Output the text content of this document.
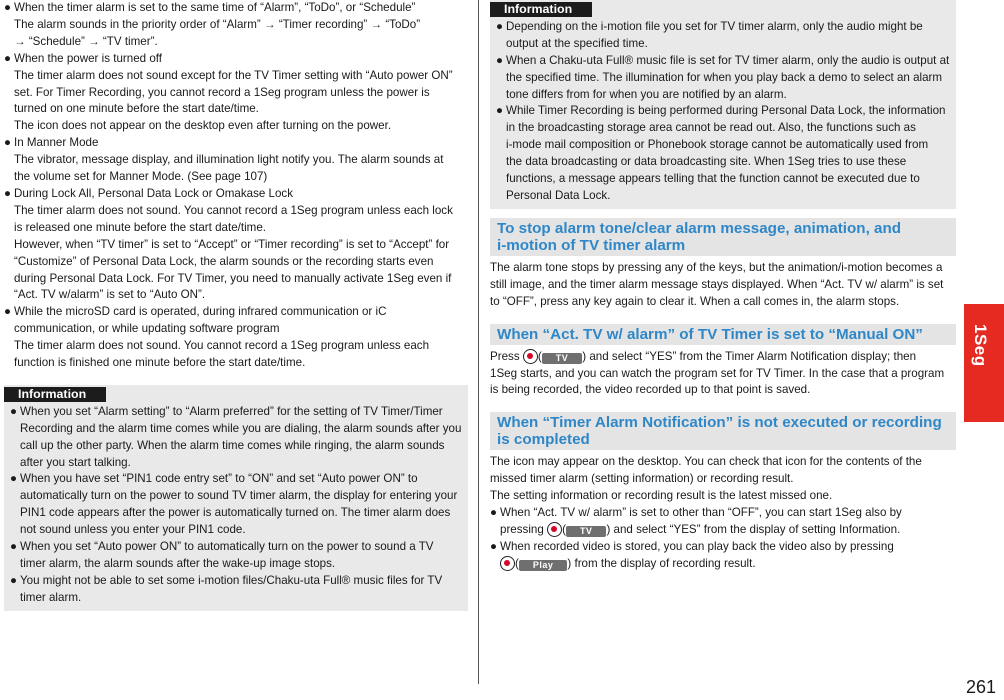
● When the timer alarm is set to the same time of “Alarm”, “ToDo”, or “Schedule”
The alarm sounds in the priority order of “Alarm” → “Timer recording” → “ToDo”
→ “Schedule” → “TV timer”.
● When the power is turned off
The timer alarm does not sound except for the TV Timer setting with “Auto power ON”
set. For Timer Recording, you cannot record a 1Seg program unless the power is
turned on one minute before the start date/time.
The icon does not appear on the desktop even after turning on the power.
● In Manner Mode
The vibrator, message display, and illumination light notify you. The alarm sounds at
the volume set for Manner Mode. (See page 107)
● During Lock All, Personal Data Lock or Omakase Lock
The timer alarm does not sound. You cannot record a 1Seg program unless each lock
is released one minute before the start date/time.
However, when “TV timer” is set to “Accept” or “Timer recording” is set to “Accept” for
“Customize” of Personal Data Lock, the alarm sounds or the recording starts even
during Personal Data Lock. For TV Timer, you need to manually activate 1Seg even if
“Act. TV w/alarm” is set to “Auto ON”.
● While the microSD card is operated, during infrared communication or iC
communication, or while updating software program
The timer alarm does not sound. You cannot record a 1Seg program unless each
function is finished one minute before the start date/time.
Information
● When you set “Alarm setting” to “Alarm preferred” for the setting of TV Timer/Timer
Recording and the alarm time comes while you are dialing, the alarm sounds after you
call up the other party. When the alarm time comes while ringing, the alarm sounds
after you start talking.
● When you have set “PIN1 code entry set” to “ON” and set “Auto power ON” to
automatically turn on the power to sound TV timer alarm, the display for entering your
PIN1 code appears after the power is automatically turned on. The timer alarm does
not sound unless you enter your PIN1 code.
● When you set “Auto power ON” to automatically turn on the power to sound a TV
timer alarm, the alarm sounds after the wake-up image stops.
● You might not be able to set some i-motion files/Chaku-uta Full® music files for TV
timer alarm.
Information
● Depending on the i-motion file you set for TV timer alarm, only the audio might be
output at the specified time.
● When a Chaku-uta Full® music file is set for TV timer alarm, only the audio is output at
the specified time. The illumination for when you play back a demo to select an alarm
tone differs from for when you are notified by an alarm.
● While Timer Recording is being performed during Personal Data Lock, the information
in the broadcasting storage area cannot be read out. Also, the functions such as
i-mode mail composition or Phonebook storage cannot be automatically used from
the data broadcasting or data broadcasting site. When 1Seg tries to use these
functions, a message appears telling that the function cannot be executed due to
Personal Data Lock.
To stop alarm tone/clear alarm message, animation, and
i-motion of TV timer alarm
The alarm tone stops by pressing any of the keys, but the animation/i-motion becomes a
still image, and the timer alarm message stays displayed. When “Act. TV w/ alarm” is set
to “OFF”, press any key again to clear it. When a call comes in, the alarm stops.
When “Act. TV w/ alarm” of TV Timer is set to “Manual ON”
Press ( TV ) and select “YES” from the Timer Alarm Notification display; then
1Seg starts, and you can watch the program set for TV Timer. In the case that a program
is being recorded, the video recorded up to that point is saved.
When “Timer Alarm Notification” is not executed or recording
is completed
The icon may appear on the desktop. You can check that icon for the contents of the
missed timer alarm (setting information) or recording result.
The setting information or recording result is the latest missed one.
● When “Act. TV w/ alarm” is set to other than “OFF”, you can start 1Seg also by
pressing ( TV ) and select “YES” from the display of setting Information.
● When recorded video is stored, you can play back the video also by pressing
( Play ) from the display of recording result.
1Seg
261
